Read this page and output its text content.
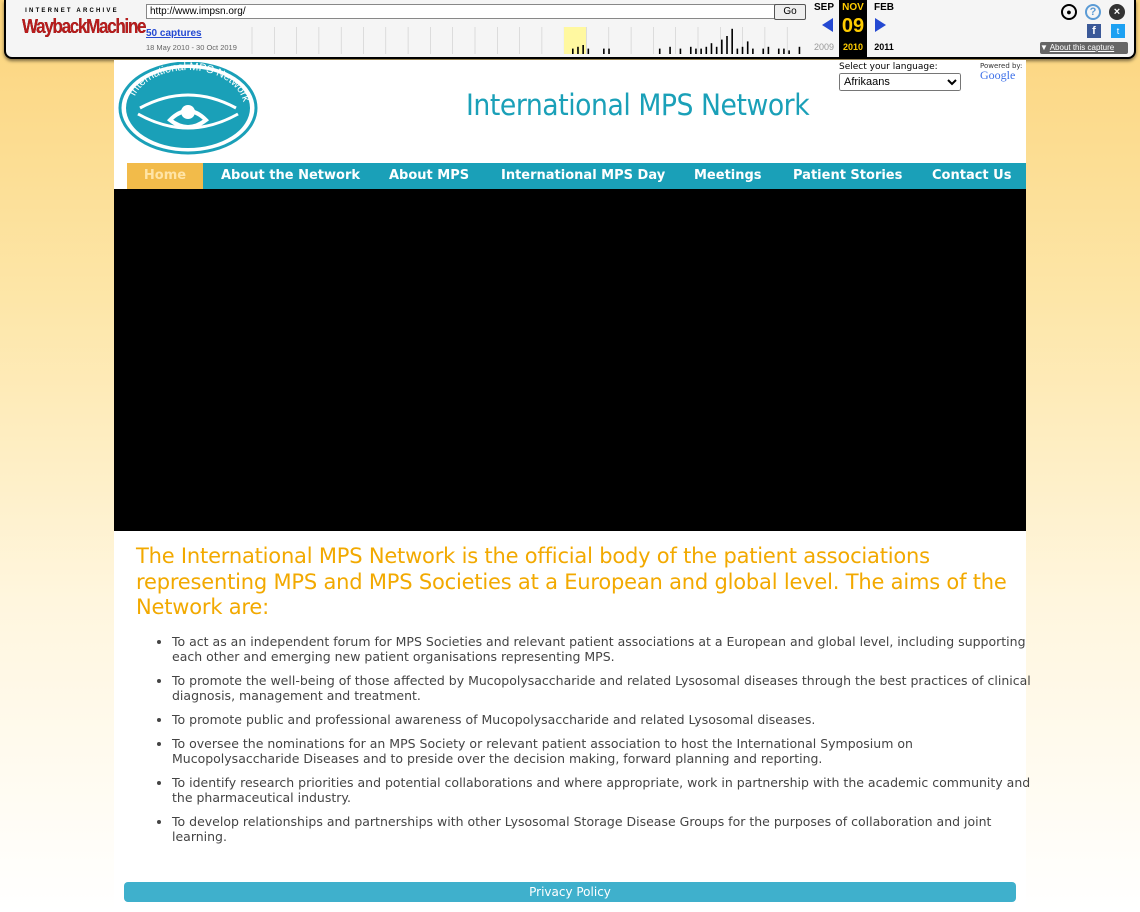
INTERNET ARCHIVE
WaybackMachine
http://www.impsn.org/	Go
50 captures
18 May 2010 - 30 Oct 2019
SEP NOV
09
FEB
2009 2010	2011
●	?	×
f	t
▼ About this capture
International MPS Network	International MPS Network
Select your language:
Afrikaans	Powered by:
Google
Home	About the Network About MPS International MPS Day Meetings Patient Stories Contact Us
The International MPS Network is the official body of the patient associations representing MPS and MPS Societies at a European and global level. The aims of the Network are:
• To act as an independent forum for MPS Societies and relevant patient associations at a European and global level, including supporting each other and emerging new patient organisations representing MPS.
• To promote the well-being of those affected by Mucopolysaccharide and related Lysosomal diseases through the best practices of clinical diagnosis, management and treatment.
• To promote public and professional awareness of Mucopolysaccharide and related Lysosomal diseases.
• To oversee the nominations for an MPS Society or relevant patient association to host the International Symposium on Mucopolysaccharide Diseases and to preside over the decision making, forward planning and reporting.
• To identify research priorities and potential collaborations and where appropriate, work in partnership with the academic community and the pharmaceutical industry.
• To develop relationships and partnerships with other Lysosomal Storage Disease Groups for the purposes of collaboration and joint learning.
Privacy Policy
